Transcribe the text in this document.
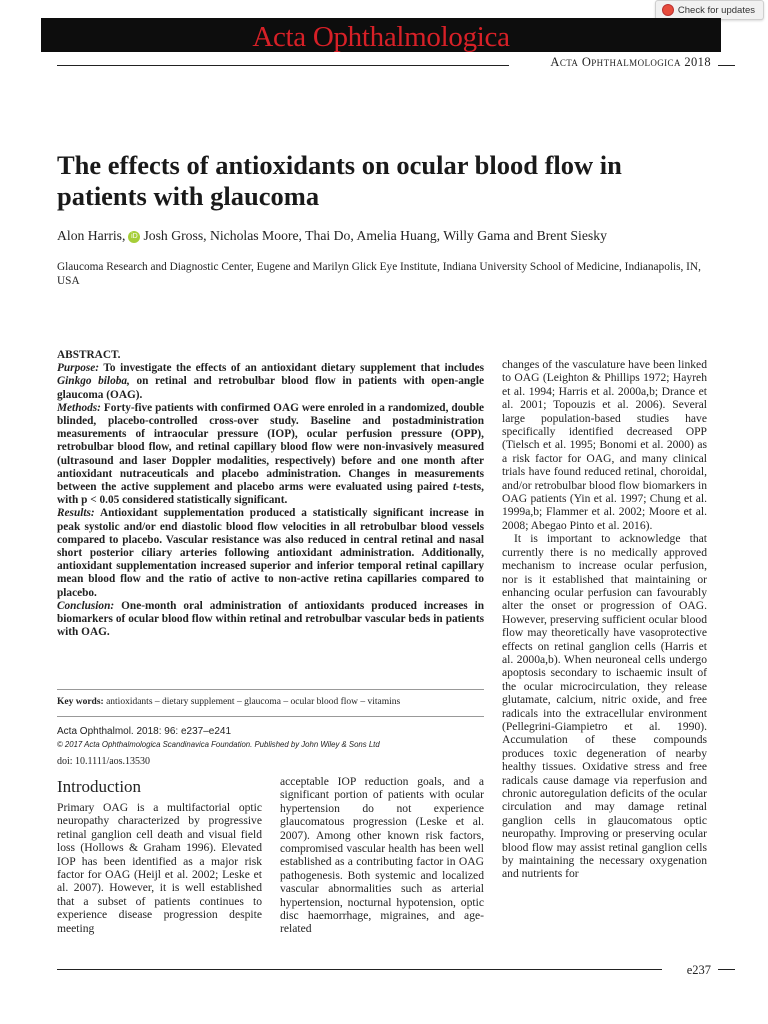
Check for updates
Acta Ophthalmologica
Acta Ophthalmologica 2018
The effects of antioxidants on ocular blood flow in patients with glaucoma
Alon Harris, iD Josh Gross, Nicholas Moore, Thai Do, Amelia Huang, Willy Gama and Brent Siesky
Glaucoma Research and Diagnostic Center, Eugene and Marilyn Glick Eye Institute, Indiana University School of Medicine, Indianapolis, IN, USA

ABSTRACT.

Purpose: To investigate the effects of an antioxidant dietary supplement that includes Ginkgo biloba, on retinal and retrobulbar blood flow in patients with open-angle glaucoma (OAG).

Methods: Forty-five patients with confirmed OAG were enroled in a randomized, double blinded, placebo-controlled cross-over study. Baseline and postadministration measurements of intraocular pressure (IOP), ocular perfusion pressure (OPP), retrobulbar blood flow, and retinal capillary blood flow were non-invasively measured (ultrasound and laser Doppler modalities, respectively) before and one month after antioxidant nutraceuticals and placebo administration. Changes in measurements between the active supplement and placebo arms were evaluated using paired t-tests, with p < 0.05 considered statistically significant.

Results: Antioxidant supplementation produced a statistically significant increase in peak systolic and/or end diastolic blood flow velocities in all retrobulbar blood vessels compared to placebo. Vascular resistance was also reduced in central retinal and nasal short posterior ciliary arteries following antioxidant administration. Additionally, antioxidant supplementation increased superior and inferior temporal retinal capillary mean blood flow and the ratio of active to non-active retina capillaries compared to placebo.

Conclusion: One-month oral administration of antioxidants produced increases in biomarkers of ocular blood flow within retinal and retrobulbar vascular beds in patients with OAG.

Key words: antioxidants – dietary supplement – glaucoma – ocular blood flow – vitamins
Acta Ophthalmol. 2018: 96: e237–e241
© 2017 Acta Ophthalmologica Scandinavica Foundation. Published by John Wiley & Sons Ltd
doi: 10.1111/aos.13530
Introduction

Primary OAG is a multifactorial optic neuropathy characterized by progressive retinal ganglion cell death and visual field loss (Hollows & Graham 1996). Elevated IOP has been identified as a major risk factor for OAG (Heijl et al. 2002; Leske et al. 2007). However, it is well established that a subset of patients continues to experience disease progression despite meeting

acceptable IOP reduction goals, and a significant portion of patients with ocular hypertension do not experience glaucomatous progression (Leske et al. 2007). Among other known risk factors, compromised vascular health has been well established as a contributing factor in OAG pathogenesis. Both systemic and localized vascular abnormalities such as arterial hypertension, nocturnal hypotension, optic disc haemorrhage, migraines, and age-related

changes of the vasculature have been linked to OAG (Leighton & Phillips 1972; Hayreh et al. 1994; Harris et al. 2000a,b; Drance et al. 2001; Topouzis et al. 2006). Several large population-based studies have specifically identified decreased OPP (Tielsch et al. 1995; Bonomi et al. 2000) as a risk factor for OAG, and many clinical trials have found reduced retinal, choroidal, and/or retrobulbar blood flow biomarkers in OAG patients (Yin et al. 1997; Chung et al. 1999a,b; Flammer et al. 2002; Moore et al. 2008; Abegao Pinto et al. 2016).

It is important to acknowledge that currently there is no medically approved mechanism to increase ocular perfusion, nor is it established that maintaining or enhancing ocular perfusion can favourably alter the onset or progression of OAG. However, preserving sufficient ocular blood flow may theoretically have vasoprotective effects on retinal ganglion cells (Harris et al. 2000a,b). When neuroneal cells undergo apoptosis secondary to ischaemic insult of the ocular microcirculation, they release glutamate, calcium, nitric oxide, and free radicals into the extracellular environment (Pellegrini-Giampietro et al. 1990). Accumulation of these compounds produces toxic degeneration of nearby healthy tissues. Oxidative stress and free radicals cause damage via reperfusion and chronic autoregulation deficits of the ocular circulation and may damage retinal ganglion cells in glaucomatous optic neuropathy. Improving or preserving ocular blood flow may assist retinal ganglion cells by maintaining the necessary oxygenation and nutrients for

e237
